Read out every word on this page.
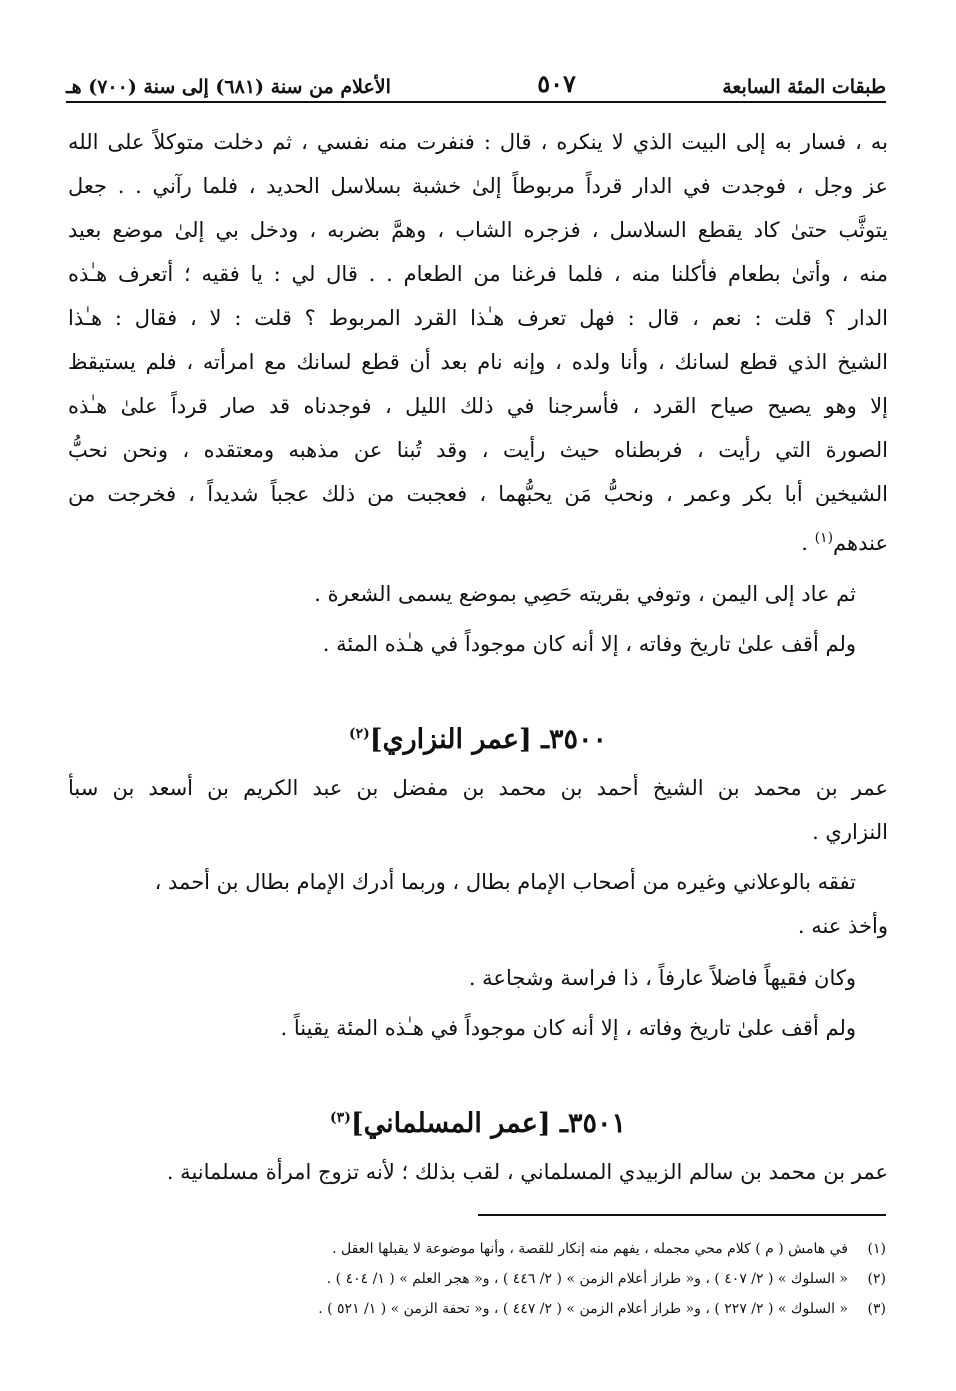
طبقات المئة السابعة
٥٠٧
الأعلام من سنة (٦٨١) إلى سنة (٧٠٠) هـ
به ، فسار به إلى البيت الذي لا ينكره ، قال : فنفرت منه نفسي ، ثم دخلت متوكلاً على الله
عز وجل ، فوجدت في الدار قرداً مربوطاً إلىٰ خشبة بسلاسل الحديد ، فلما رآني . . جعل
يتوثَّب حتىٰ كاد يقطع السلاسل ، فزجره الشاب ، وهمَّ بضربه ، ودخل بي إلىٰ موضع بعيد
منه ، وأتىٰ بطعام فأكلنا منه ، فلما فرغنا من الطعام . . قال لي : يا فقيه ؛ أتعرف هـٰذه
الدار ؟ قلت : نعم ، قال : فهل تعرف هـٰذا القرد المربوط ؟ قلت : لا ، فقال : هـٰذا
الشيخ الذي قطع لسانك ، وأنا ولده ، وإنه نام بعد أن قطع لسانك مع امرأته ، فلم يستيقظ
إلا وهو يصيح صياح القرد ، فأسرجنا في ذلك الليل ، فوجدناه قد صار قرداً علىٰ هـٰذه
الصورة التي رأيت ، فربطناه حيث رأيت ، وقد تُبنا عن مذهبه ومعتقده ، ونحن نحبُّ
الشيخين أبا بكر وعمر ، ونحبُّ مَن يحبُّهما ، فعجبت من ذلك عجباً شديداً ، فخرجت من
عندهم$^{(١)}$ .
ثم عاد إلى اليمن ، وتوفي بقريته حَصِي بموضع يسمى الشعرة .
ولم أقف علىٰ تاريخ وفاته ، إلا أنه كان موجوداً في هـٰذه المئة .
٣٥٠٠ـ [عمر النزاري]$^{(٢)}$
عمر بن محمد بن الشيخ أحمد بن محمد بن مفضل بن عبد الكريم بن أسعد بن سبأ
النزاري .
تفقه بالوعلاني وغيره من أصحاب الإمام بطال ، وربما أدرك الإمام بطال بن أحمد ،
وأخذ عنه .
وكان فقيهاً فاضلاً عارفاً ، ذا فراسة وشجاعة .
ولم أقف علىٰ تاريخ وفاته ، إلا أنه كان موجوداً في هـٰذه المئة يقيناً .
٣٥٠١ـ [عمر المسلماني]$^{(٣)}$
عمر بن محمد بن سالم الزبيدي المسلماني ، لقب بذلك ؛ لأنه تزوج امرأة مسلمانية .
(١)في هامش ( م ) كلام محي مجمله ، يفهم منه إنكار للقصة ، وأنها موضوعة لا يقبلها العقل .
(٢)« السلوك » ( ٢/ ٤٠٧ ) ، و« طراز أعلام الزمن » ( ٢/ ٤٤٦ ) ، و« هجر العلم » ( ١/ ٤٠٤ ) .
(٣)« السلوك » ( ٢/ ٢٢٧ ) ، و« طراز أعلام الزمن » ( ٢/ ٤٤٧ ) ، و« تحفة الزمن » ( ١/ ٥٢١ ) .
